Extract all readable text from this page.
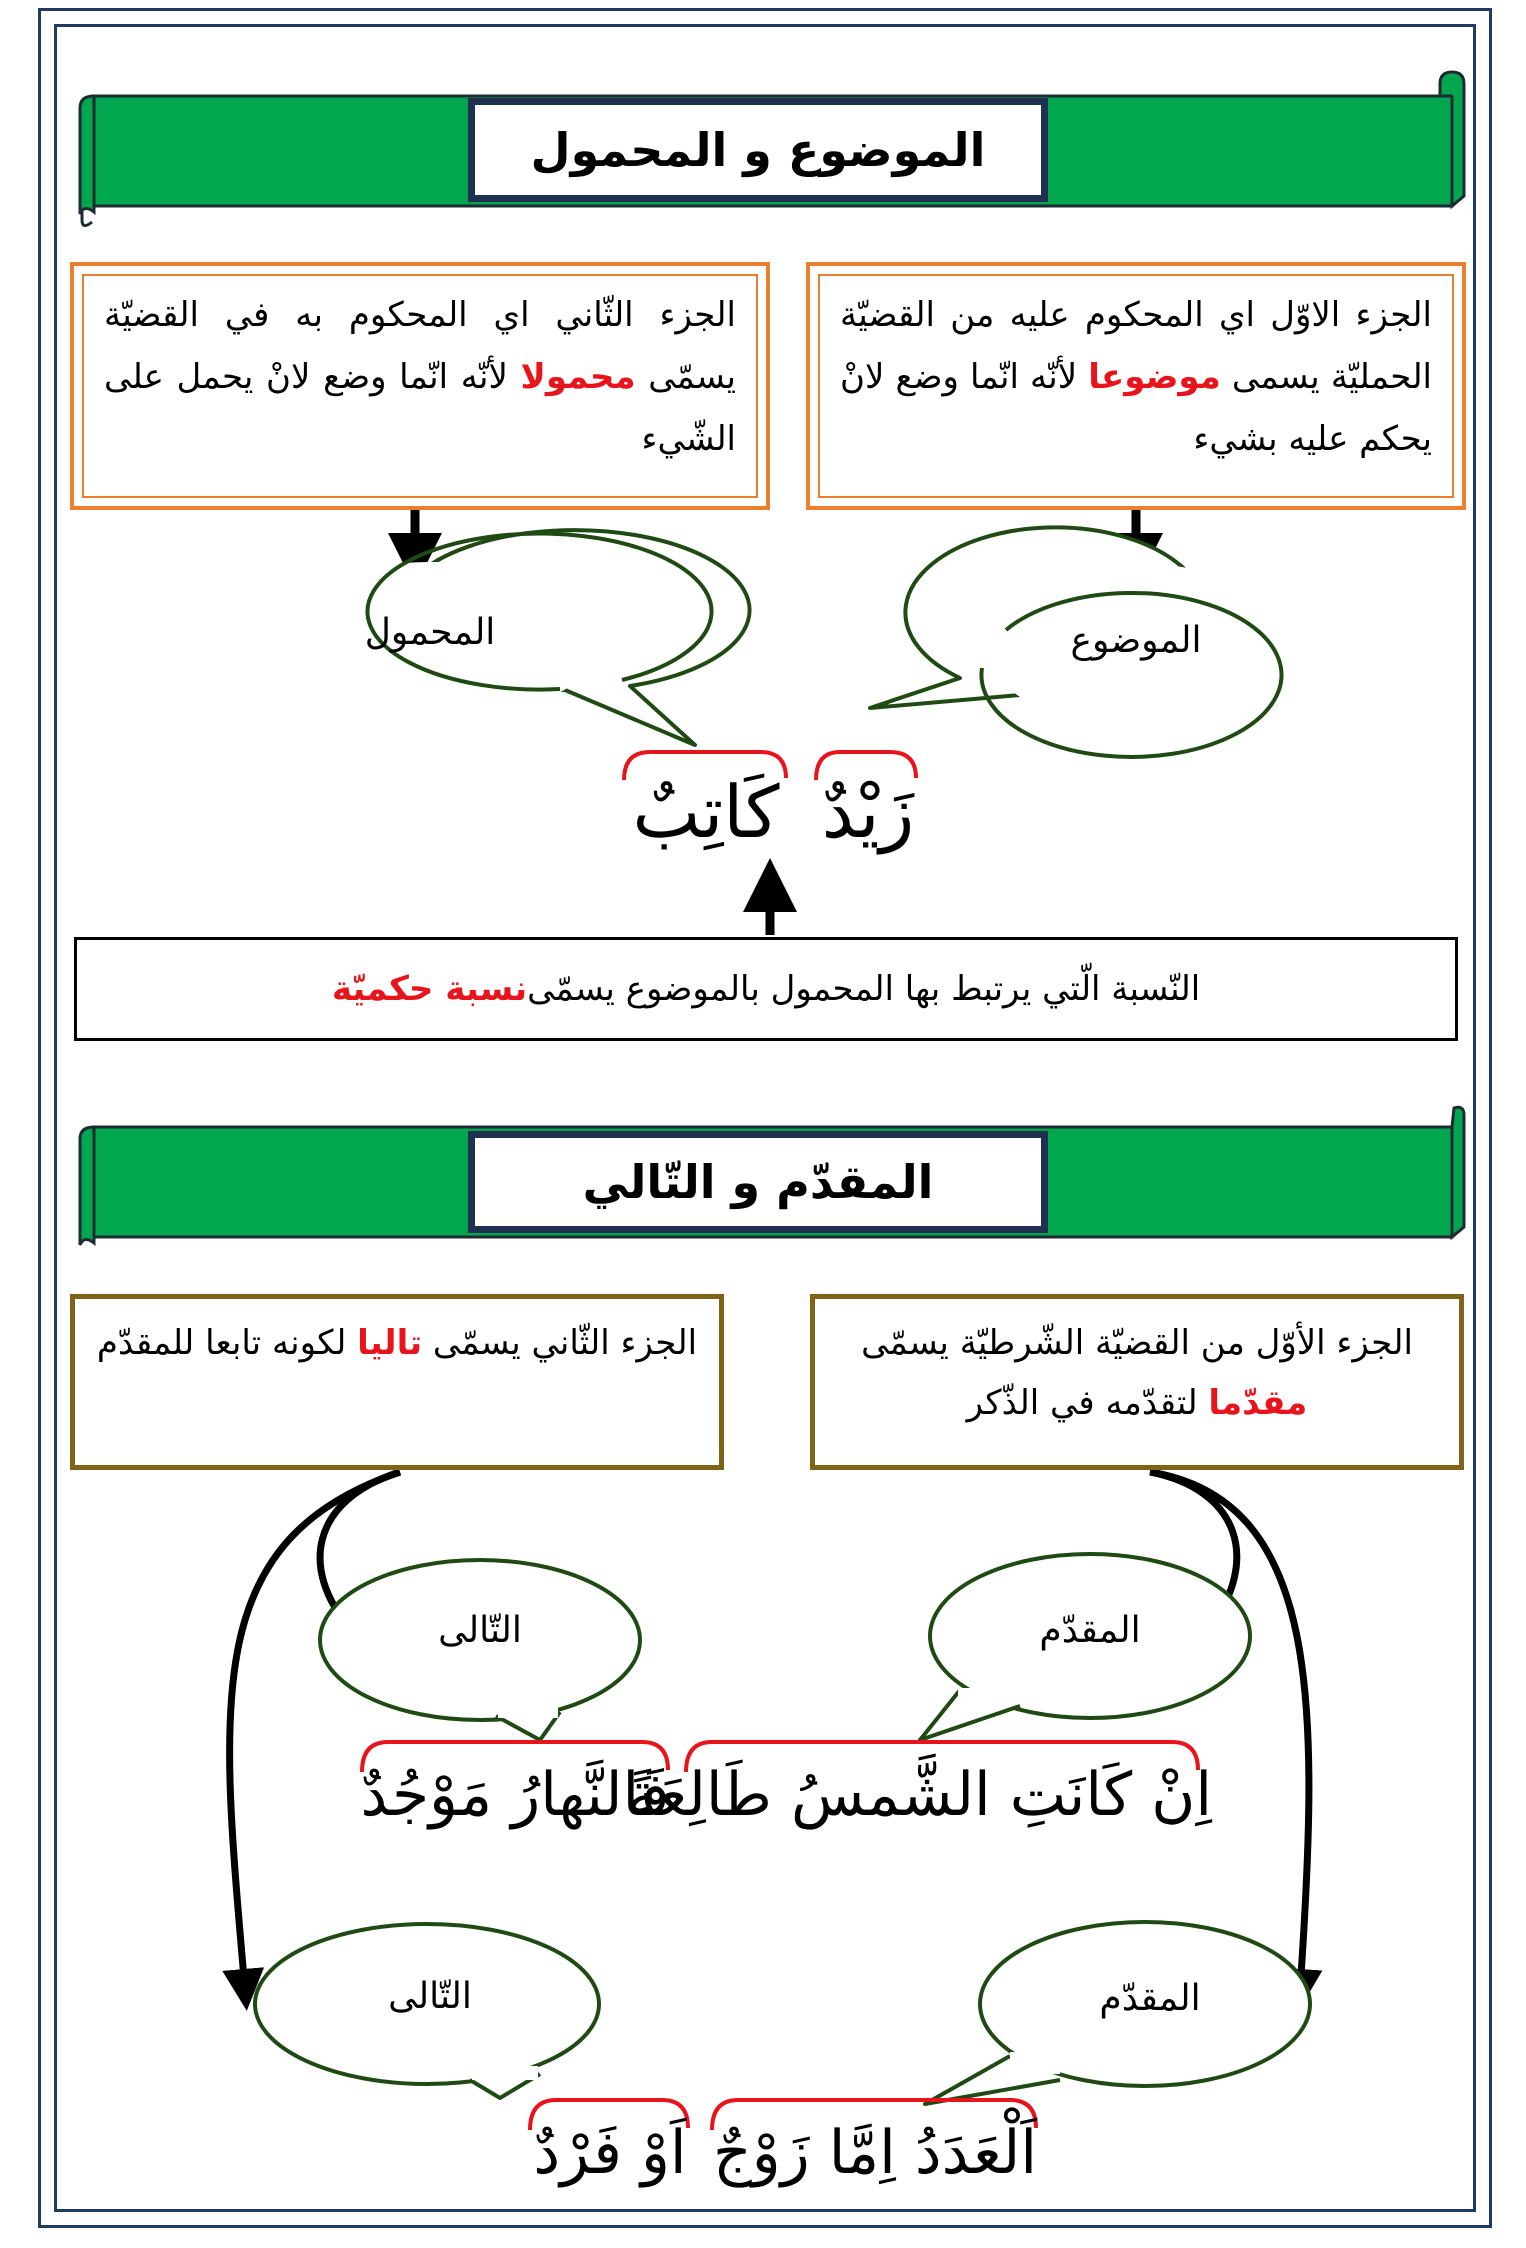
الموضوع و المحمول
الجزء الاوّل اي المحكوم عليه من القضيّة الحمليّة يسمى موضوعا لأنّه انّما وضع لانْ يحكم عليه بشيء
الجزء الثّاني اي المحكوم به في القضيّة يسمّى محمولا لأنّه انّما وضع لانْ يحمل على الشّيء
الموضوع
المحمول
زَيْدٌ
كَاتِبٌ
النّسبة الّتي يرتبط بها المحمول بالموضوع يسمّى
نسبة حكميّة
المقدّم و التّالي
الجزء الأوّل من القضيّة الشّرطيّة يسمّى مقدّما لتقدّمه في الذّكر
الجزء الثّاني يسمّى تاليا لكونه تابعا للمقدّم
المقدّم
التّالى
اِنْ كَانَتِ الشَّمسُ طَالِعَةً
فَالنَّهارُ مَوْجُدٌ
المقدّم
التّالى
اَلْعَدَدُ اِمَّا زَوْجٌ
اَوْ فَرْدٌ
